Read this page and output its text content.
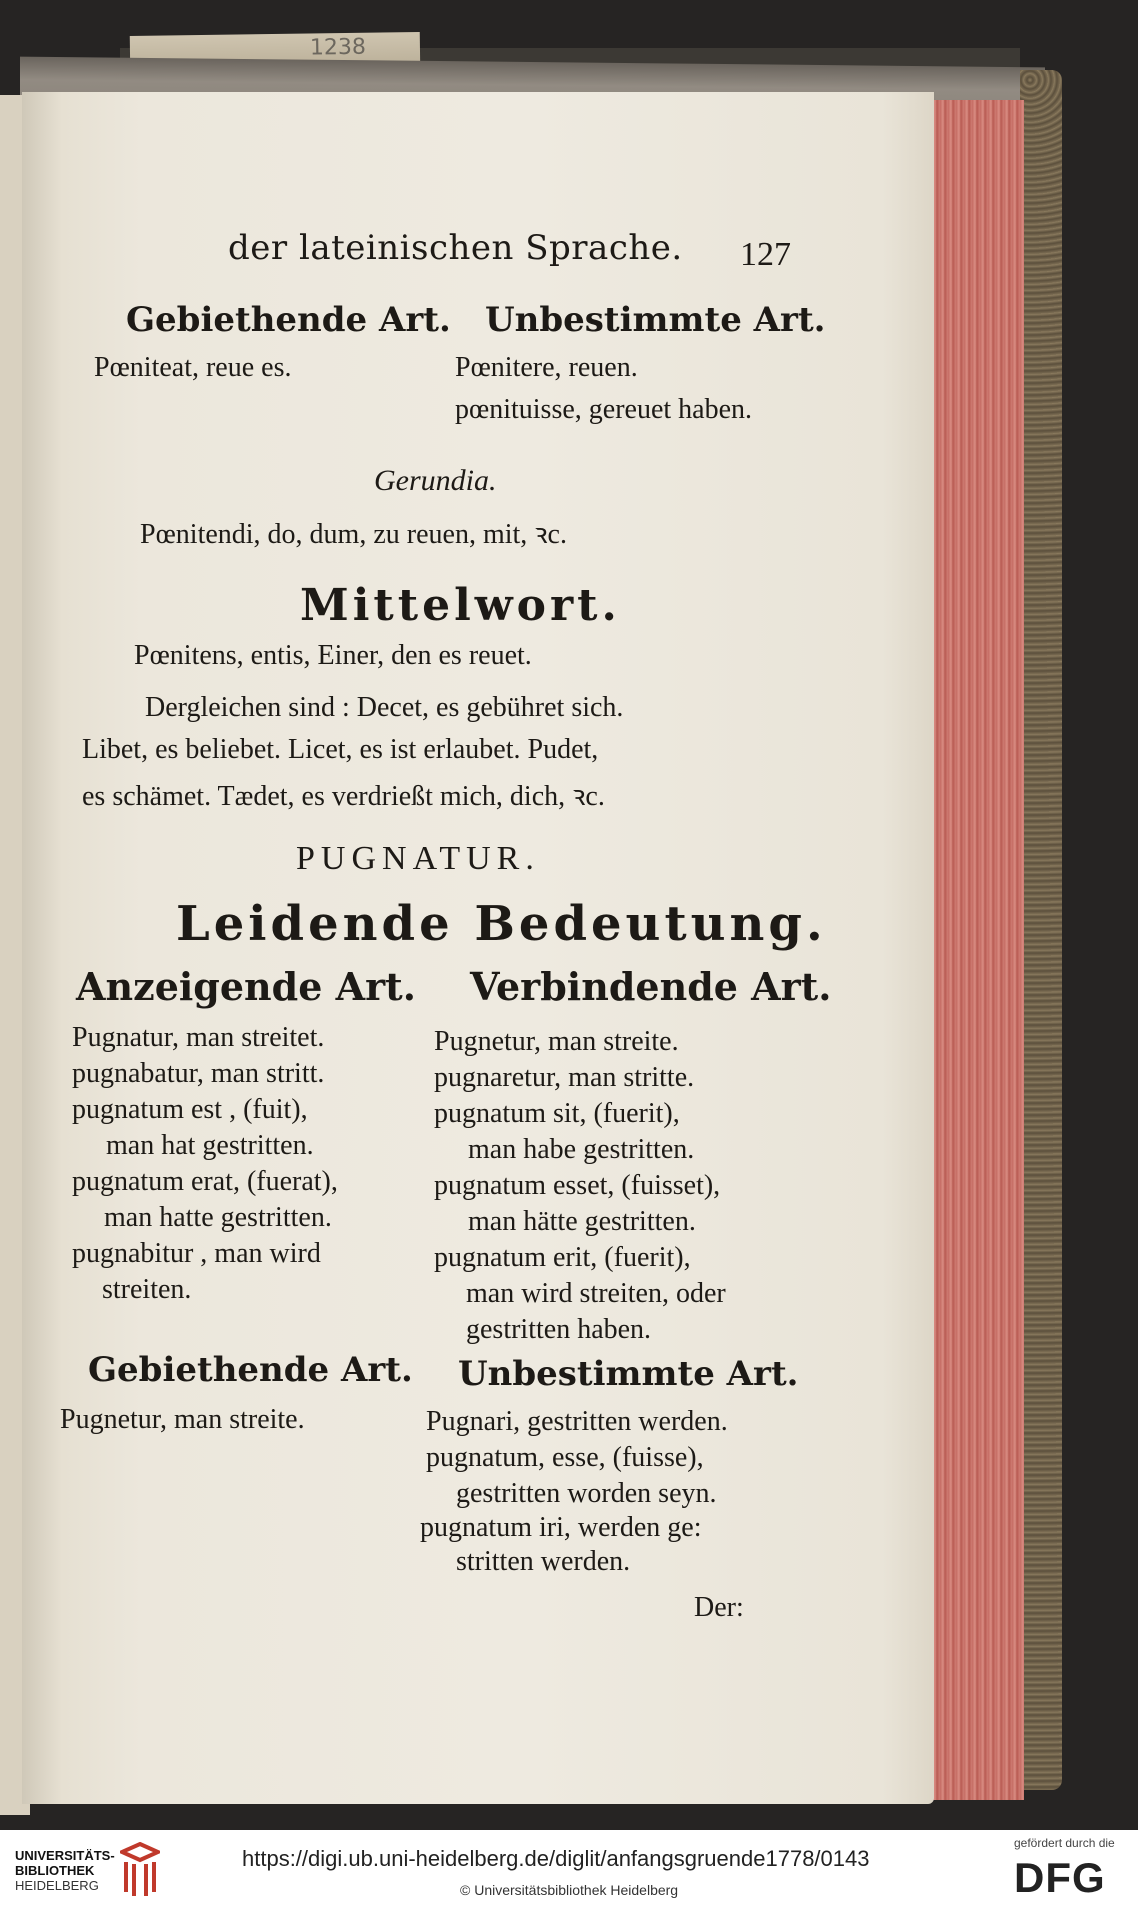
1238
der lateinischen Sprache. 127
Gebiethende Art.
Pœniteat, reue es.
Unbestimmte Art.
Pœnitere, reuen.
pœnituisse, gereuet haben.
Gerundia.
Pœnitendi, do, dum, zu reuen, mit, ꝛc.
Mittelwort.
Pœnitens, entis, Einer, den es reuet.
Dergleichen sind : Decet, es gebühret sich.
Libet, es beliebet. Licet, es ist erlaubet. Pudet,
es schämet. Tædet, es verdrießt mich, dich, ꝛc.
PUGNATUR.
Leidende Bedeutung.
Anzeigende Art. Verbindende Art.
Pugnatur, man streitet.
pugnabatur, man stritt.
pugnatum est , (fuit),
man hat gestritten.
pugnatum erat, (fuerat),
man hatte gestritten.
pugnabitur , man wird
streiten.
Pugnetur, man streite.
pugnaretur, man stritte.
pugnatum sit, (fuerit),
man habe gestritten.
pugnatum esset, (fuisset),
man hätte gestritten.
pugnatum erit, (fuerit),
man wird streiten, oder
gestritten haben.
Gebiethende Art.
Pugnetur, man streite.
Unbestimmte Art.
Pugnari, gestritten werden.
pugnatum, esse, (fuisse),
gestritten worden seyn.
pugnatum iri, werden ge:
stritten werden.
Der:
UNIVERSITÄTS-
BIBLIOTHEK
HEIDELBERG
https://digi.ub.uni-heidelberg.de/diglit/anfangsgruende1778/0143
© Universitätsbibliothek Heidelberg
gefördert durch die
DFG
